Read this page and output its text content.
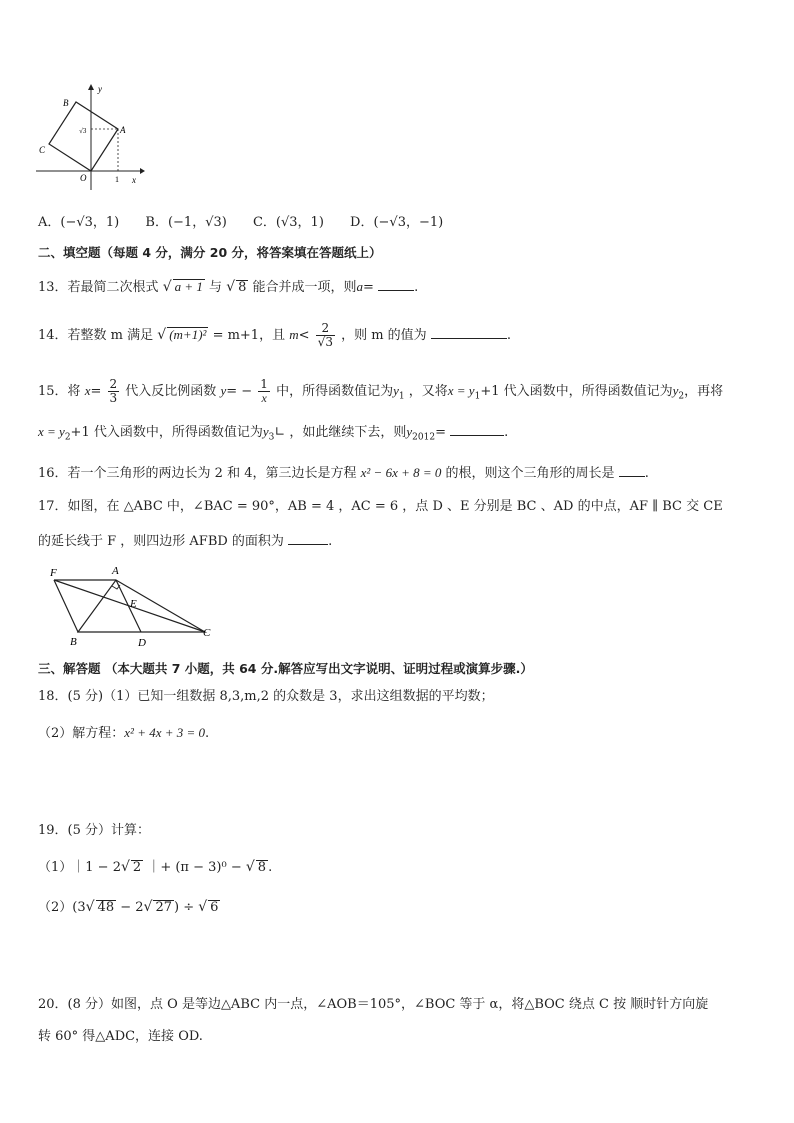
y
x
B
A
C
O	1
√3
A．(−√3，1) B．(−1，√3) C．(√3，1) D．(−√3，−1)
二、填空题（每题 4 分，满分 20 分，将答案填在答题纸上）
13．若最简二次根式 √ a + 1 与 √ 8 能合并成一项，则a=	.
14．若整数 m 满足 √ (m+1)² = m+1，且 $m< \frac{2}{√3}$ ，则 m 的值为	.
15．将 $x= \frac{2}{3}$ 代入反比例函数 $y= - \frac{1}{x}$ 中，所得函数值记为$y_1$ ，又将$x = y_1+1$ 代入函数中，所得函数值记为$y_2$，再将
$x = y_2+1$ 代入函数中，所得函数值记为$y_3∟$ ，如此继续下去，则$y_{2012}=$	.
16．若一个三角形的两边长为 2 和 4，第三边长是方程 x² − 6x + 8 = 0 的根，则这个三角形的周长是 .
17．如图，在 △ABC 中，∠BAC = 90°，AB = 4 ，AC = 6 ，点 D 、E 分别是 BC 、AD 的中点，AF ∥ BC 交 CE
的延长线于 F ，则四边形 AFBD 的面积为	.
F	A
E
B	D
C
三、解答题 （本大题共 7 小题，共 64 分.解答应写出文字说明、证明过程或演算步骤.）
18．(5 分)（1）已知一组数据 8,3,m,2 的众数是 3，求出这组数据的平均数；
（2）解方程：x² + 4x + 3 = 0.
19．(5 分）计算：
（1）｜1 − 2√ 2 ｜+ (π − 3)⁰ − √ 8 .
（2）(3√ 48 − 2√ 27 ) ÷ √ 6
20．(8 分）如图，点 O 是等边△ABC 内一点，∠AOB＝105°，∠BOC 等于 α，将△BOC 绕点 C 按 顺时针方向旋
转 60° 得△ADC，连接 OD.
